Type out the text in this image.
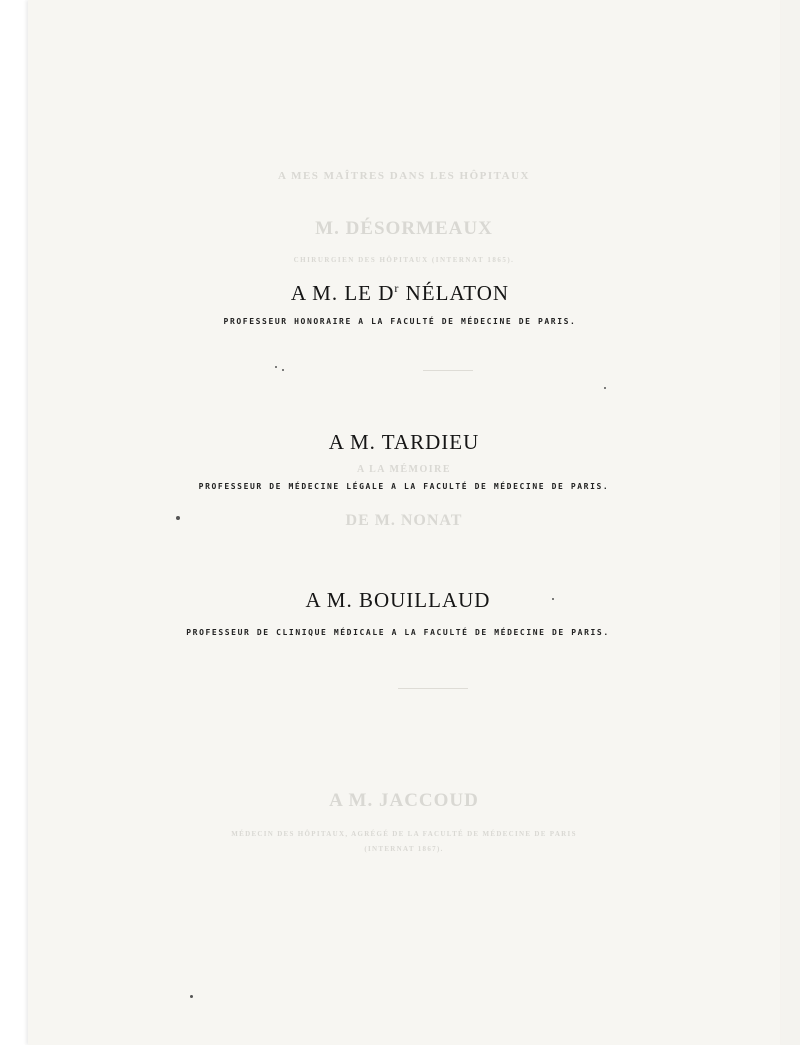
A MES MAÎTRES DANS LES HÔPITAUX
M. DÉSORMEAUX
CHIRURGIEN DES HÔPITAUX (INTERNAT 1865).
A LA MÉMOIRE
DE M. NONAT
A M. JACCOUD
MÉDECIN DES HÔPITAUX, AGRÉGÉ DE LA FACULTÉ DE MÉDECINE DE PARIS
(INTERNAT 1867).
A M. LE $D^r$ NÉLATON
PROFESSEUR HONORAIRE A LA FACULTÉ DE MÉDECINE DE PARIS.
A M. TARDIEU
PROFESSEUR DE MÉDECINE LÉGALE A LA FACULTÉ DE MÉDECINE DE PARIS.
A M. BOUILLAUD
PROFESSEUR DE CLINIQUE MÉDICALE A LA FACULTÉ DE MÉDECINE DE PARIS.
